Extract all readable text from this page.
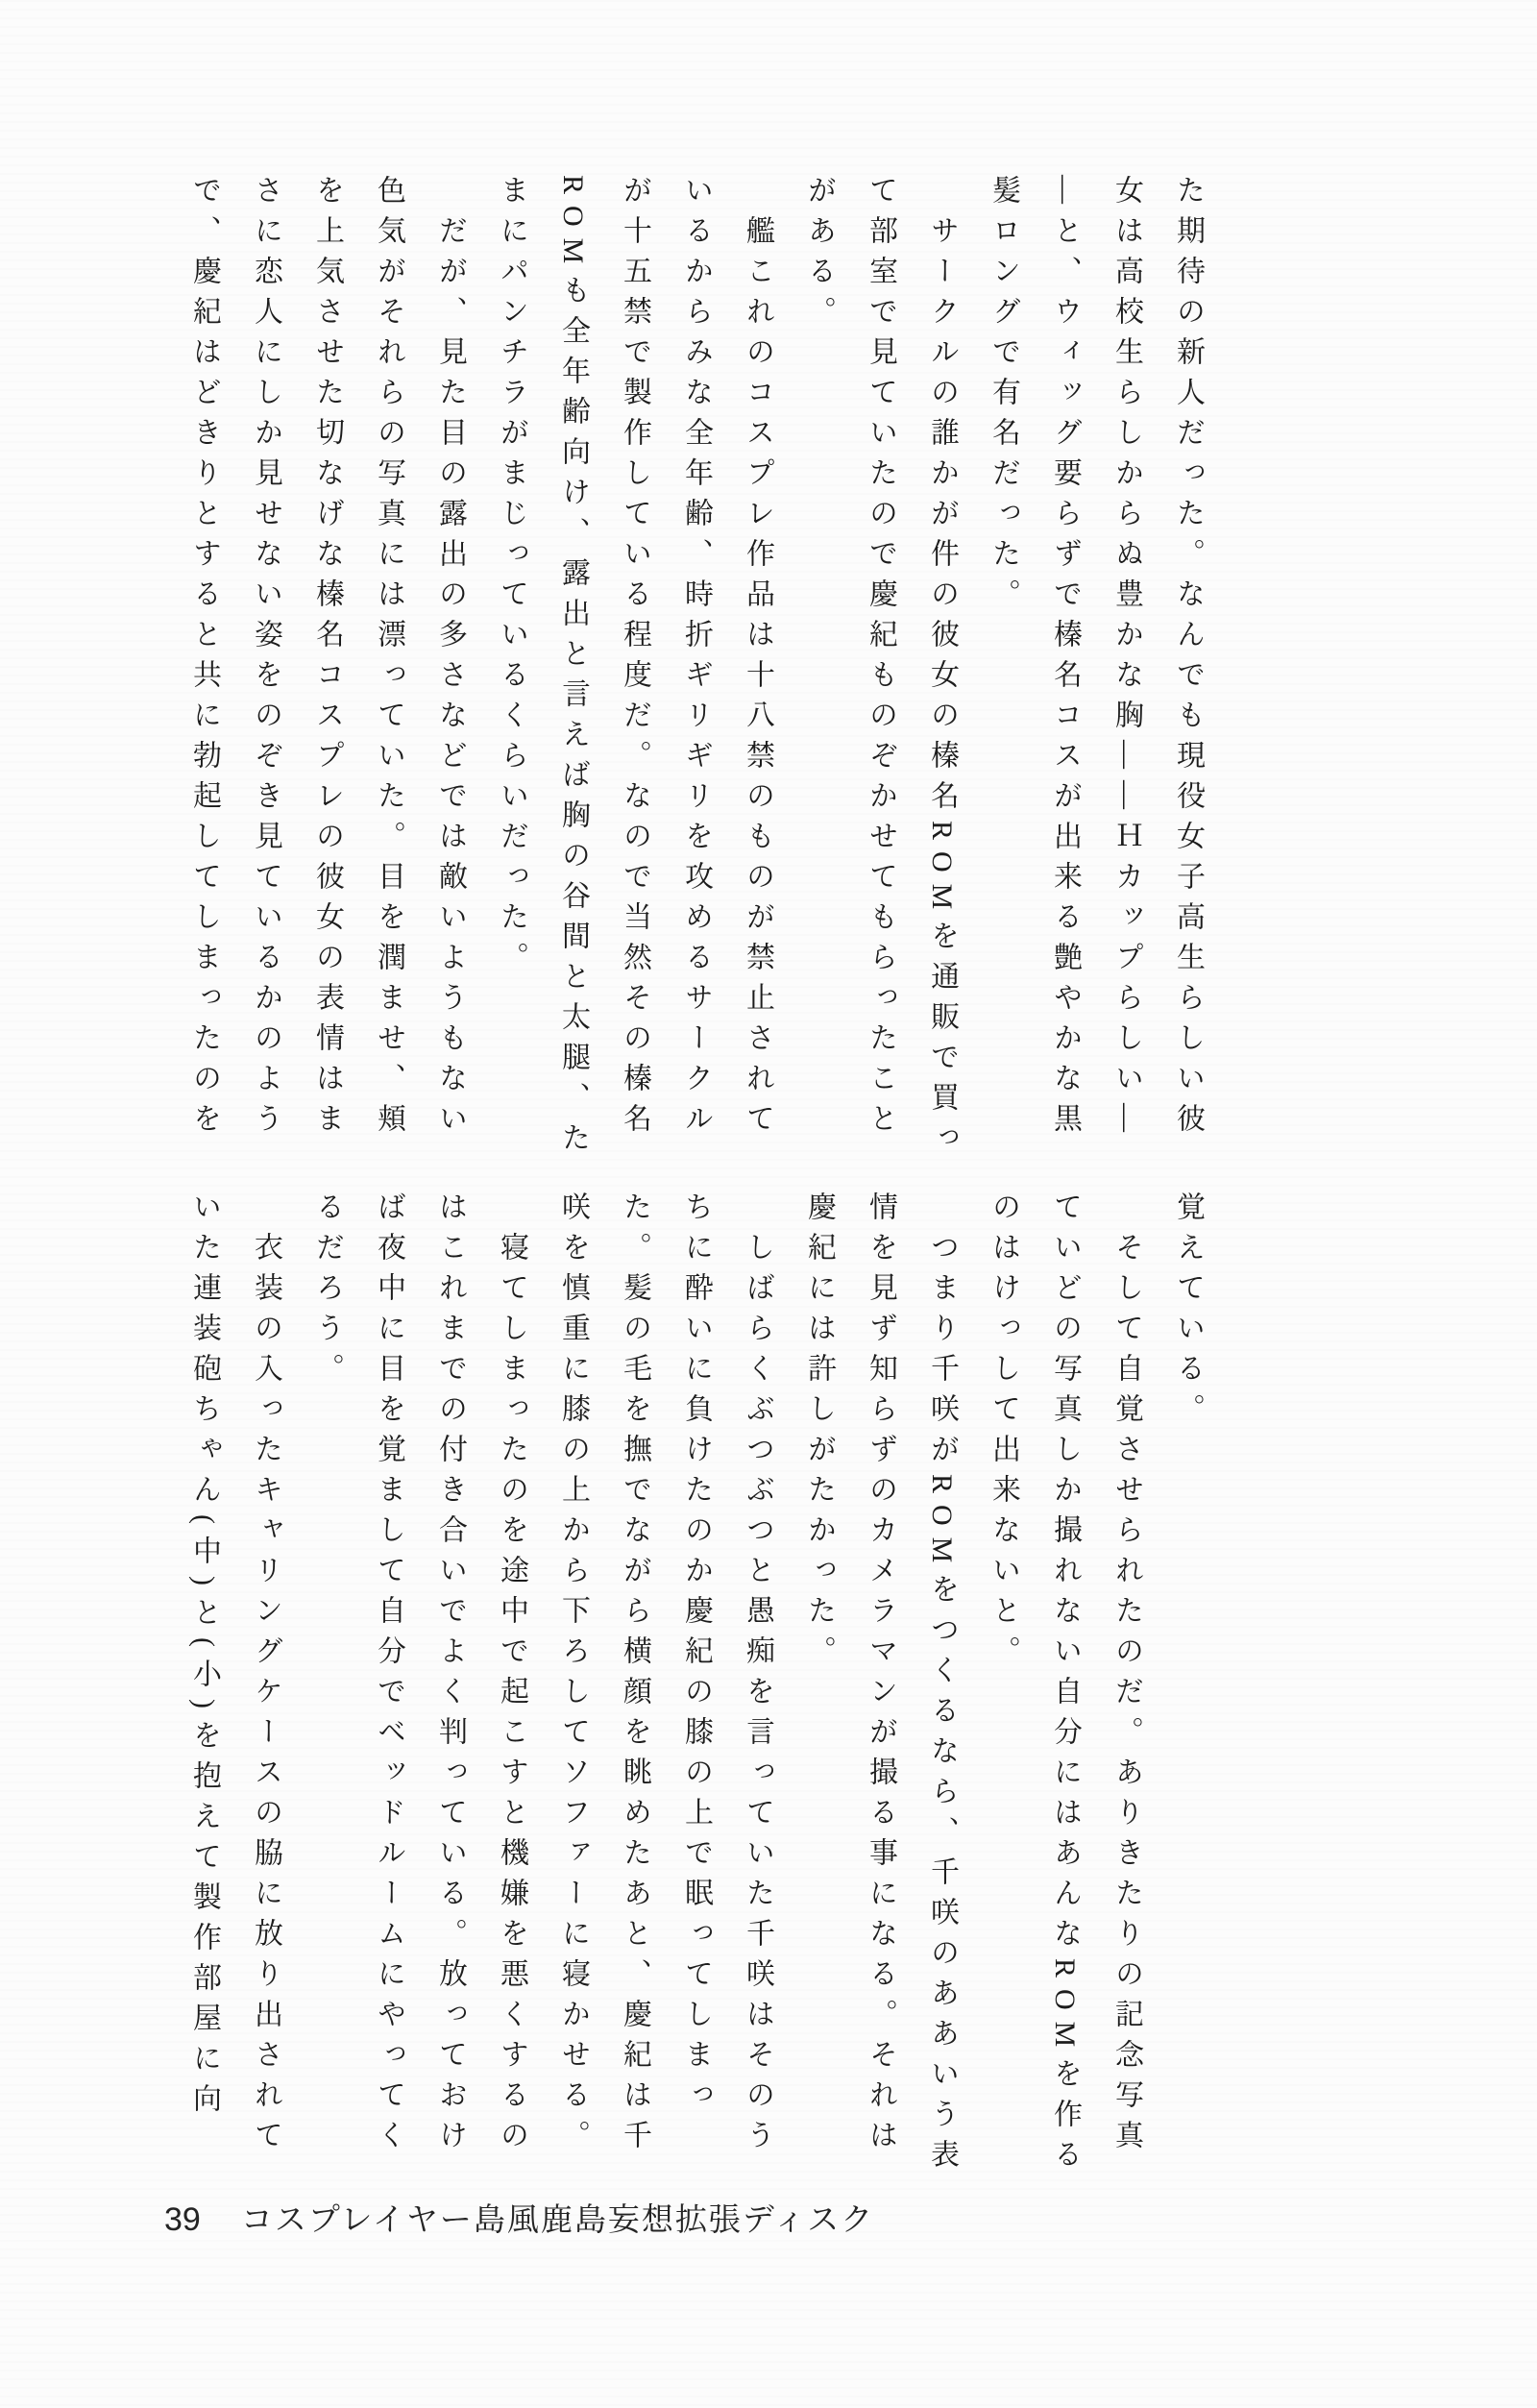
た期待の新人だった。なんでも現役女子高生らしい彼
女は高校生らしからぬ豊かな胸――Ｈカップらしい―
―と、ウィッグ要らずで榛名コスが出来る艶やかな黒
髪ロングで有名だった。
　サークルの誰かが件の彼女の榛名ROMを通販で買っ
て部室で見ていたので慶紀ものぞかせてもらったこと
がある。
　艦これのコスプレ作品は十八禁のものが禁止されて
いるからみな全年齢、時折ギリギリを攻めるサークル
が十五禁で製作している程度だ。なので当然その榛名
ROMも全年齢向け、露出と言えば胸の谷間と太腿、た
まにパンチラがまじっているくらいだった。
　だが、見た目の露出の多さなどでは敵いようもない
色気がそれらの写真には漂っていた。目を潤ませ、頬
を上気させた切なげな榛名コスプレの彼女の表情はま
さに恋人にしか見せない姿をのぞき見ているかのよう
で、慶紀はどきりとすると共に勃起してしまったのを
覚えている。
　そして自覚させられたのだ。ありきたりの記念写真
ていどの写真しか撮れない自分にはあんなROMを作る
のはけっして出来ないと。
　つまり千咲がROMをつくるなら、千咲のああいう表
情を見ず知らずのカメラマンが撮る事になる。それは
慶紀には許しがたかった。
　しばらくぶつぶつと愚痴を言っていた千咲はそのう
ちに酔いに負けたのか慶紀の膝の上で眠ってしまっ
た。髪の毛を撫でながら横顔を眺めたあと、慶紀は千
咲を慎重に膝の上から下ろしてソファーに寝かせる。
　寝てしまったのを途中で起こすと機嫌を悪くするの
はこれまでの付き合いでよく判っている。放っておけ
ば夜中に目を覚まして自分でベッドルームにやってく
るだろう。
　衣装の入ったキャリングケースの脇に放り出されて
いた連装砲ちゃん(中)と(小)を抱えて製作部屋に向
39 コスプレイヤー島風鹿島妄想拡張ディスク
